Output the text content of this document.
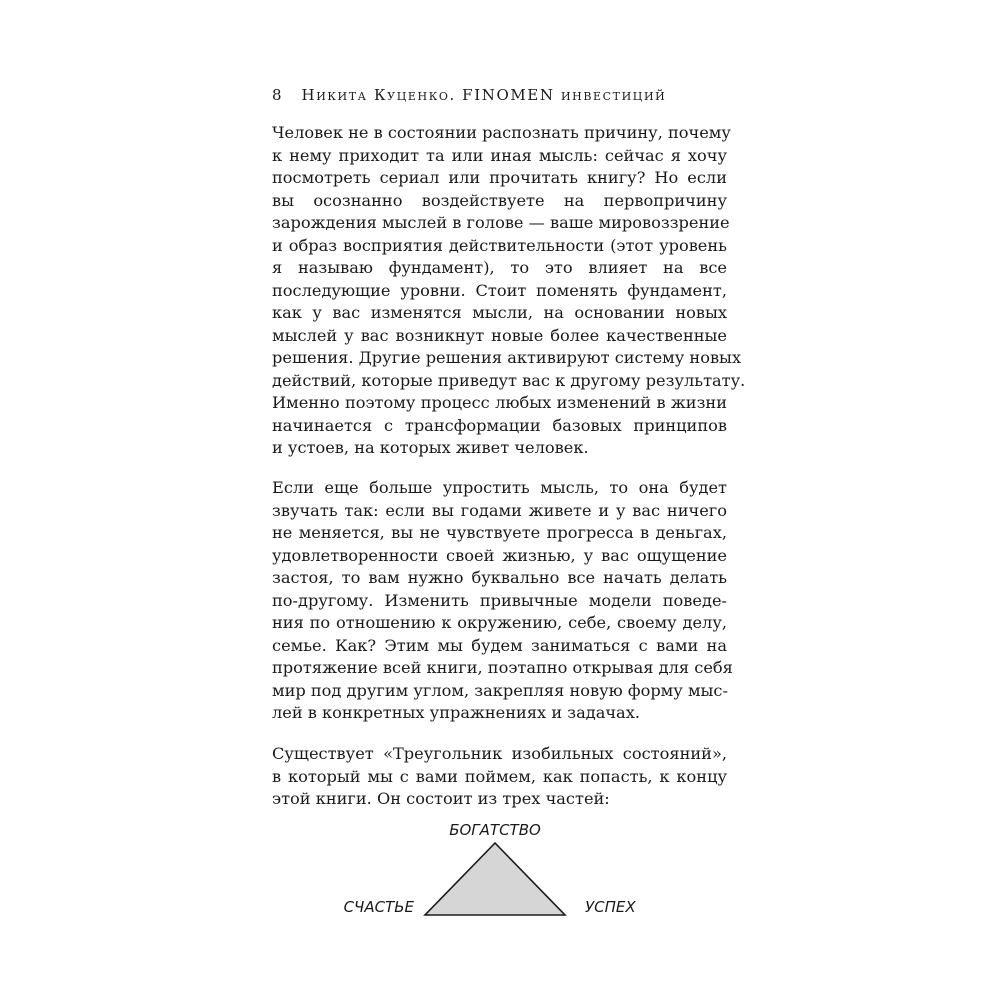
8 Никита Куценко. FINOMEN инвестиций
Человек не в состоянии распознать причину, почему
к нему приходит та или иная мысль: сейчас я хочу
посмотреть сериал или прочитать книгу? Но если
вы осознанно воздействуете на первопричину
зарождения мыслей в голове — ваше мировоззрение
и образ восприятия действительности (этот уровень
я называю фундамент), то это влияет на все
последующие уровни. Стоит поменять фундамент,
как у вас изменятся мысли, на основании новых
мыслей у вас возникнут новые более качественные
решения. Другие решения активируют систему новых
действий, которые приведут вас к другому результату.
Именно поэтому процесс любых изменений в жизни
начинается с трансформации базовых принципов
и устоев, на которых живет человек.
Если еще больше упростить мысль, то она будет
звучать так: если вы годами живете и у вас ничего
не меняется, вы не чувствуете прогресса в деньгах,
удовлетворенности своей жизнью, у вас ощущение
застоя, то вам нужно буквально все начать делать
по-другому. Изменить привычные модели поведе-
ния по отношению к окружению, себе, своему делу,
семье. Как? Этим мы будем заниматься с вами на
протяжение всей книги, поэтапно открывая для себя
мир под другим углом, закрепляя новую форму мыс-
лей в конкретных упражнениях и задачах.
Существует «Треугольник изобильных состояний»,
в который мы с вами поймем, как попасть, к концу
этой книги. Он состоит из трех частей:
БОГАТСТВО
СЧАСТЬЕ	УСПЕХ
